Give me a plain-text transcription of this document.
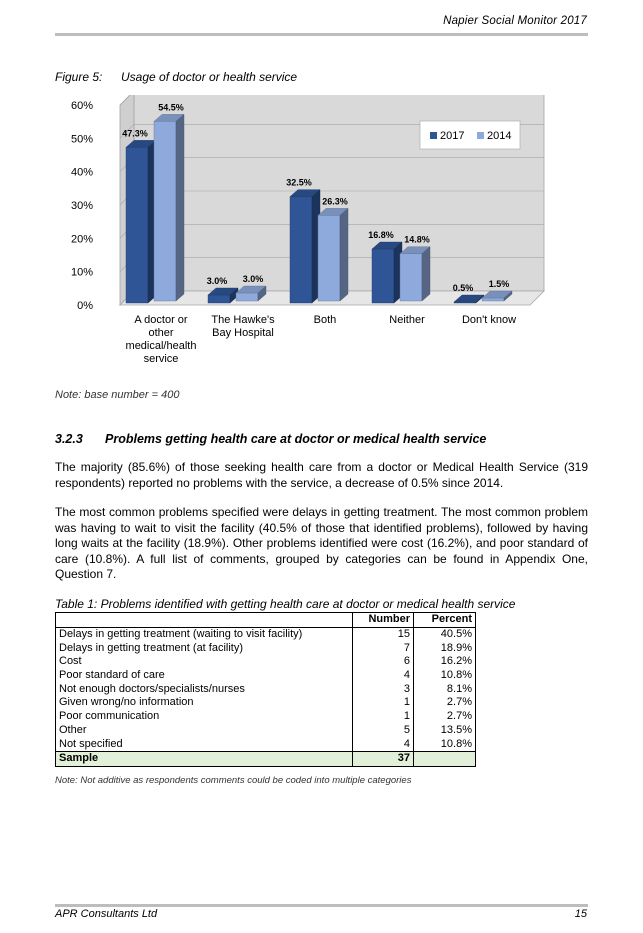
Napier Social Monitor 2017
Figure 5: Usage of doctor or health service
0%
10%
20%
30%
40%
50%
60%
47.3%
3.0%
32.5%
16.8%
0.5%
54.5%
3.0%
26.3%
14.8%
1.5%
A doctor or
other
medical/health
service
The Hawke's
Bay Hospital
Both	Neither	Don't know
2017 2014
Note: base number = 400
3.2.3 Problems getting health care at doctor or medical health service
The majority (85.6%) of those seeking health care from a doctor or Medical Health Service (319 respondents) reported no problems with the service, a decrease of 0.5% since 2014.
The most common problems specified were delays in getting treatment. The most common problem was having to wait to visit the facility (40.5% of those that identified problems), followed by having long waits at the facility (18.9%). Other problems identified were cost (16.2%), and poor standard of care (10.8%). A full list of comments, grouped by categories can be found in Appendix One, Question 7.
Table 1: Problems identified with getting health care at doctor or medical health service
	Number	Percent
Delays in getting treatment (waiting to visit facility)	15	40.5%
Delays in getting treatment (at facility)	7	18.9%
Cost	6	16.2%
Poor standard of care	4	10.8%
Not enough doctors/specialists/nurses	3	8.1%
Given wrong/no information	1	2.7%
Poor communication	1	2.7%
Other	5	13.5%
Not specified	4	10.8%
Sample	37	
Note: Not additive as respondents comments could be coded into multiple categories
APR Consultants Ltd	15
